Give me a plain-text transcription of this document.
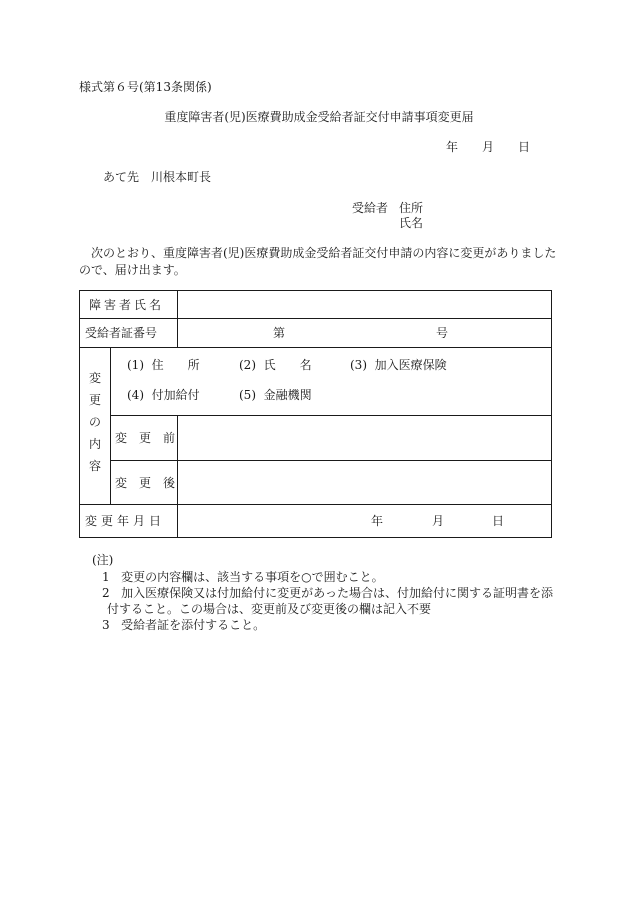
様式第６号(第13条関係)
重度障害者(児)医療費助成金受給者証交付申請事項変更届
年 月 日
あて先 川根本町長
受給者 住所
氏名
次のとおり、重度障害者(児)医療費助成金受給者証交付申請の内容に変更がありましたので、届け出ます。
障害者氏名
受給者証番号	第	号
変
更
の
内
容
(1) 住　　所	(2) 氏　　名	(3) 加入医療保険
(4) 付加給付	(5) 金融機関
変　更　前
変　更　後
変更年月日	年	月	日
(注)
1 変更の内容欄は、該当する事項を○で囲むこと。
2 加入医療保険又は付加給付に変更があった場合は、付加給付に関する証明書を添
付すること。この場合は、変更前及び変更後の欄は記入不要
3 受給者証を添付すること。
